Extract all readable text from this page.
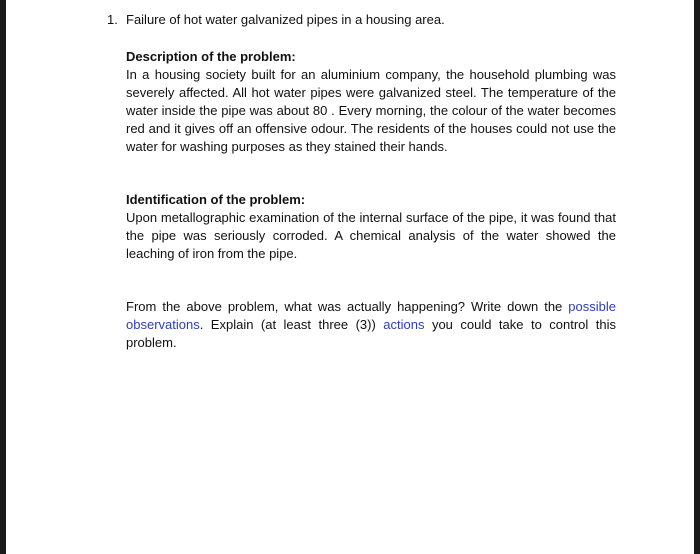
1. Failure of hot water galvanized pipes in a housing area.

Description of the problem:

In a housing society built for an aluminium company, the household plumbing was severely affected. All hot water pipes were galvanized steel. The temperature of the water inside the pipe was about 80 . Every morning, the colour of the water becomes red and it gives off an offensive odour. The residents of the houses could not use the water for washing purposes as they stained their hands.

Identification of the problem:

Upon metallographic examination of the internal surface of the pipe, it was found that the pipe was seriously corroded. A chemical analysis of the water showed the leaching of iron from the pipe.

From the above problem, what was actually happening? Write down the possible observations. Explain (at least three (3)) actions you could take to control this problem.
